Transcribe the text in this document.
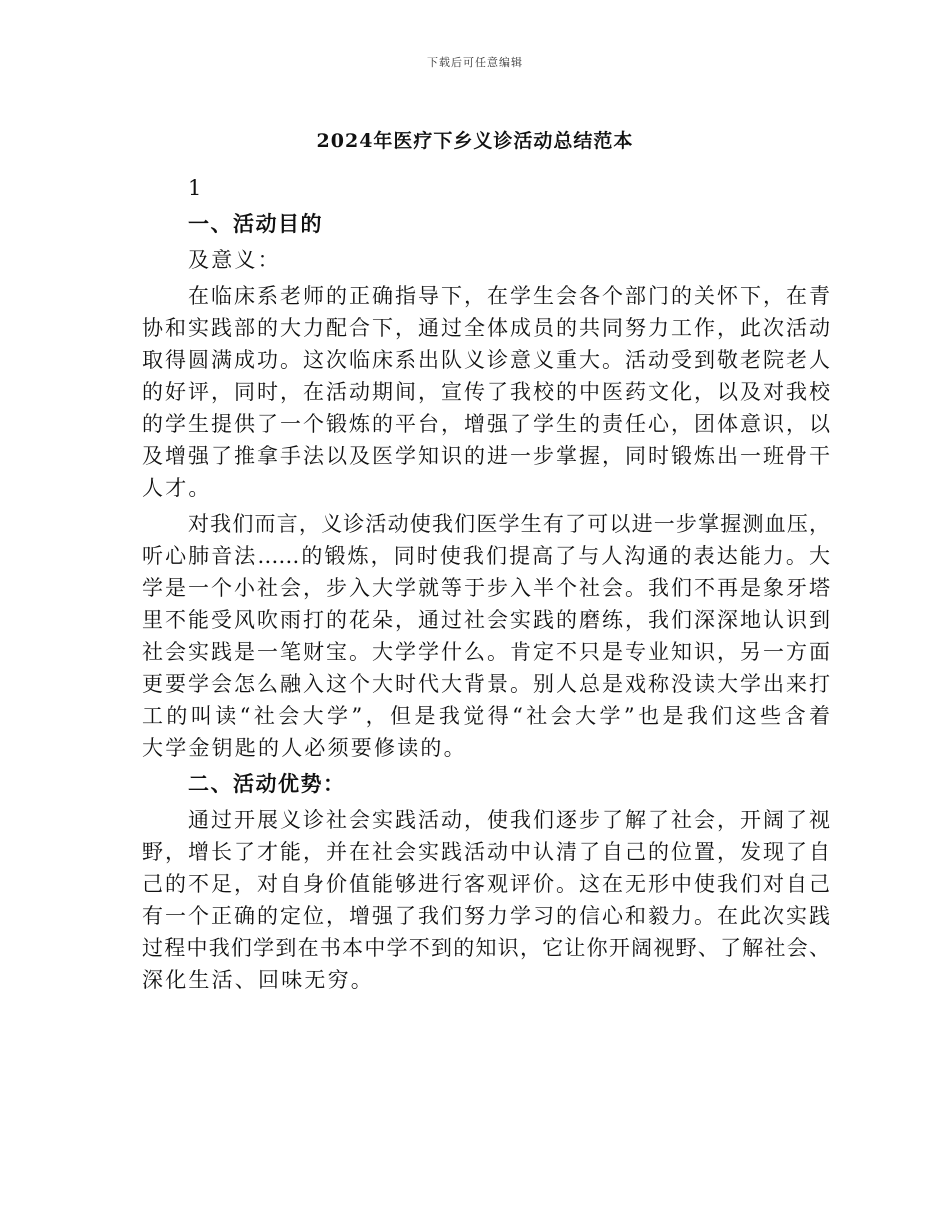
下载后可任意编辑
2024年医疗下乡义诊活动总结范本
1
一、活动目的
及意义：
在临床系老师的正确指导下，在学生会各个部门的关怀下，在青
协和实践部的大力配合下，通过全体成员的共同努力工作，此次活动
取得圆满成功。这次临床系出队义诊意义重大。活动受到敬老院老人
的好评，同时，在活动期间，宣传了我校的中医药文化，以及对我校
的学生提供了一个锻炼的平台，增强了学生的责任心，团体意识，以
及增强了推拿手法以及医学知识的进一步掌握，同时锻炼出一班骨干
人才。
对我们而言，义诊活动使我们医学生有了可以进一步掌握测血压，
听心肺音法……的锻炼，同时使我们提高了与人沟通的表达能力。大
学是一个小社会，步入大学就等于步入半个社会。我们不再是象牙塔
里不能受风吹雨打的花朵，通过社会实践的磨练，我们深深地认识到
社会实践是一笔财宝。大学学什么。肯定不只是专业知识，另一方面
更要学会怎么融入这个大时代大背景。别人总是戏称没读大学出来打
工的叫读“社会大学”，但是我觉得“社会大学”也是我们这些含着
大学金钥匙的人必须要修读的。
二、活动优势：
通过开展义诊社会实践活动，使我们逐步了解了社会，开阔了视
野，增长了才能，并在社会实践活动中认清了自己的位置，发现了自
己的不足，对自身价值能够进行客观评价。这在无形中使我们对自己
有一个正确的定位，增强了我们努力学习的信心和毅力。在此次实践
过程中我们学到在书本中学不到的知识，它让你开阔视野、了解社会、
深化生活、回味无穷。
